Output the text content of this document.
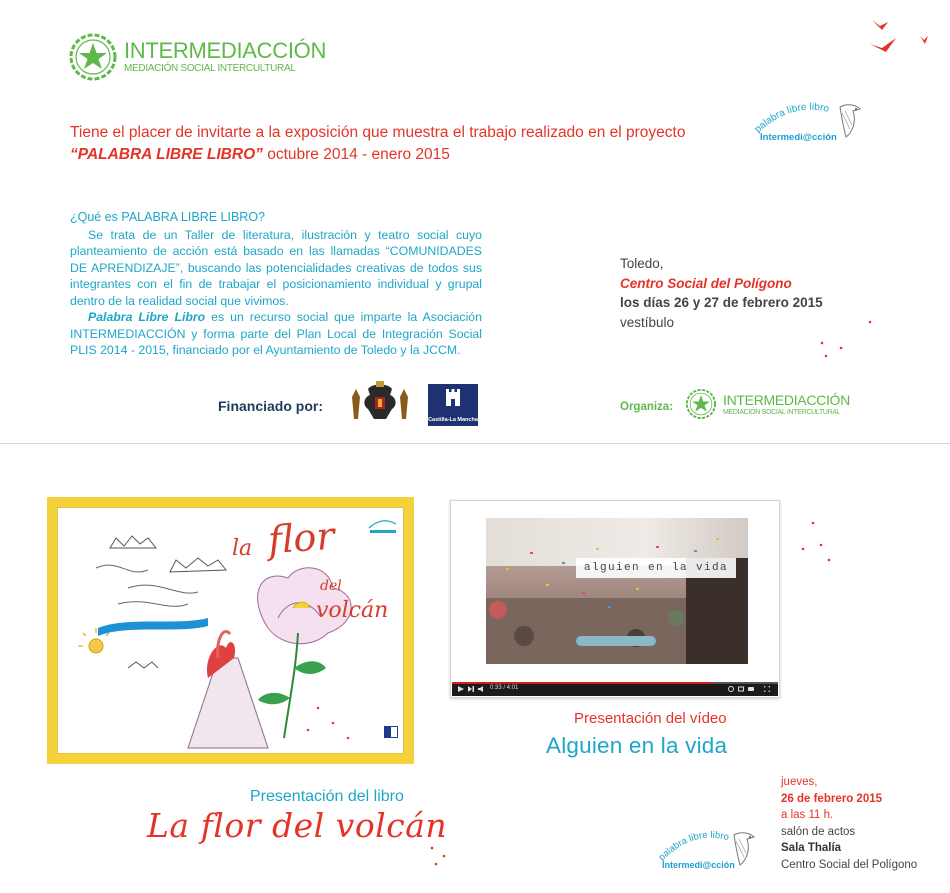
INTERMEDIACCIÓN
MEDIACIÓN SOCIAL INTERCULTURAL
Tiene el placer de invitarte a la exposición que muestra el trabajo realizado en el proyecto
“PALABRA LIBRE LIBRO” octubre 2014 - enero 2015
palabra libre libro
Intermedi@cción
¿Qué es PALABRA LIBRE LIBRO?

Se trata de un Taller de literatura, ilustración y teatro social cuyo planteamiento de acción está basado en las llamadas “COMUNIDADES DE APRENDIZAJE”, buscando las potencialidades creativas de todos sus integrantes con el fin de trabajar el posicionamiento individual y grupal dentro de la realidad social que vivimos.

Palabra Libre Libro es un recurso social que imparte la Asociación INTERMEDIACCIÓN y forma parte del Plan Local de Integración Social PLIS 2014 - 2015, financiado por el Ayuntamiento de Toledo y la JCCM.

Toledo,
Centro Social del Polígono
los días 26 y 27 de febrero 2015
vestíbulo
Financiado por:
Castilla-La Mancha
Organiza:	INTERMEDIACCIÓN
MEDIACIÓN SOCIAL INTERCULTURAL
la flor
del
volcán
alguien en la vida
0:33 / 4:01
Presentación del vídeo
Alguien en la vida
Presentación del libro
La flor del volcán
jueves,
26 de febrero 2015
a las 11 h.
salón de actos
Sala Thalía
Centro Social del Polígono
palabra libre libro
Intermedi@cción
